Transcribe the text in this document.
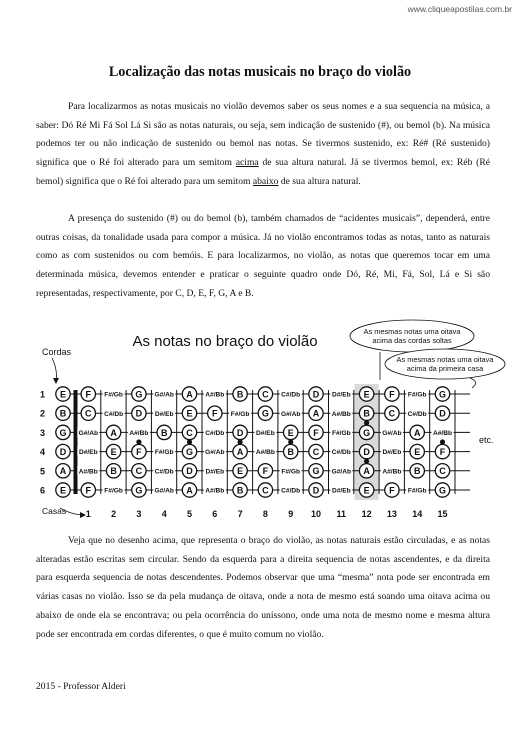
www.cliqueapostilas.com.br
Localização das notas musicais no braço do violão

Para localizarmos as notas musicais no violão devemos saber os seus nomes e a sua sequencia na música, a saber: Dó Ré Mi Fá Sol Lá Si são as notas naturais, ou seja, sem indicação de sustenido (#), ou bemol (b). Na música podemos ter ou não indicação de sustenido ou bemol nas notas. Se tivermos sustenido, ex: Ré# (Ré sustenido) significa que o Ré foi alterado para um semitom acima de sua altura natural. Já se tivermos bemol, ex: Réb (Ré bemol) significa que o Ré foi alterado para um semitom abaixo de sua altura natural.

A presença do sustenido (#) ou do bemol (b), também chamados de “acidentes musicais”, dependerá, entre outras coisas, da tonalidade usada para compor a música. Já no violão encontramos todas as notas, tanto as naturais como as com sustenidos ou com bemóis. E para localizarmos, no violão, as notas que queremos tocar em uma determinada música, devemos entender e praticar o seguinte quadro onde Dó, Ré, Mi, Fá, Sol, Lá e Si são representadas, respectivamente, por C, D, E, F, G, A e B.

As notas no braço do violão
Cordas
As mesmas notas uma oitava
acima das cordas soltas
As mesmas notas uma oitava
acima da primeira casa
1
2
3
4
5
6
E
B
G
D
A
E
F
C
G#/Ab
D#/Eb
A#/Bb
F
F#/Gb
C#/Db
A
E
B
F#/Gb
G
D
A#/Bb
F
C
G
G#/Ab
D#/Eb
B
F#/Gb
C#/Db
G#/Ab
A
E
C
G
D
A
A#/Bb
F
C#/Db
G#/Ab
D#/Eb
A#/Bb
B
F#/Gb
D
A
E
B
C
G
D#/Eb
A#/Bb
F
C
C#/Db
G#/Ab
E
B
F#/Gb
C#/Db
D
A
F
C
G
D
D#/Eb
A#/Bb
F#/Gb
C#/Db
G#/Ab
D#/Eb
E
B
G
D
A
E
F
C
G#/Ab
D#/Eb
A#/Bb
F
F#/Gb
C#/Db
A
E
B
F#/Gb
G
D
A#/Bb
F
C
G
1 2 3 4 5 6 7 8 9 10 11 12 13 14 15
Casas
etc.

Veja que no desenho acima, que representa o braço do violão, as notas naturais estão circuladas, e as notas alteradas estão escritas sem circular. Sendo da esquerda para a direita sequencia de notas ascendentes, e da direita para esquerda sequencia de notas descendentes. Podemos observar que uma “mesma” nota pode ser encontrada em várias casas no violão. Isso se da pela mudança de oitava, onde a nota de mesmo está soando uma oitava acima ou abaixo de onde ela se encontrava; ou pela ocorrência do uníssono, onde uma nota de mesmo nome e mesma altura pode ser encontrada em cordas diferentes, o que é muito comum no violão.

2015 - Professor Alderi
